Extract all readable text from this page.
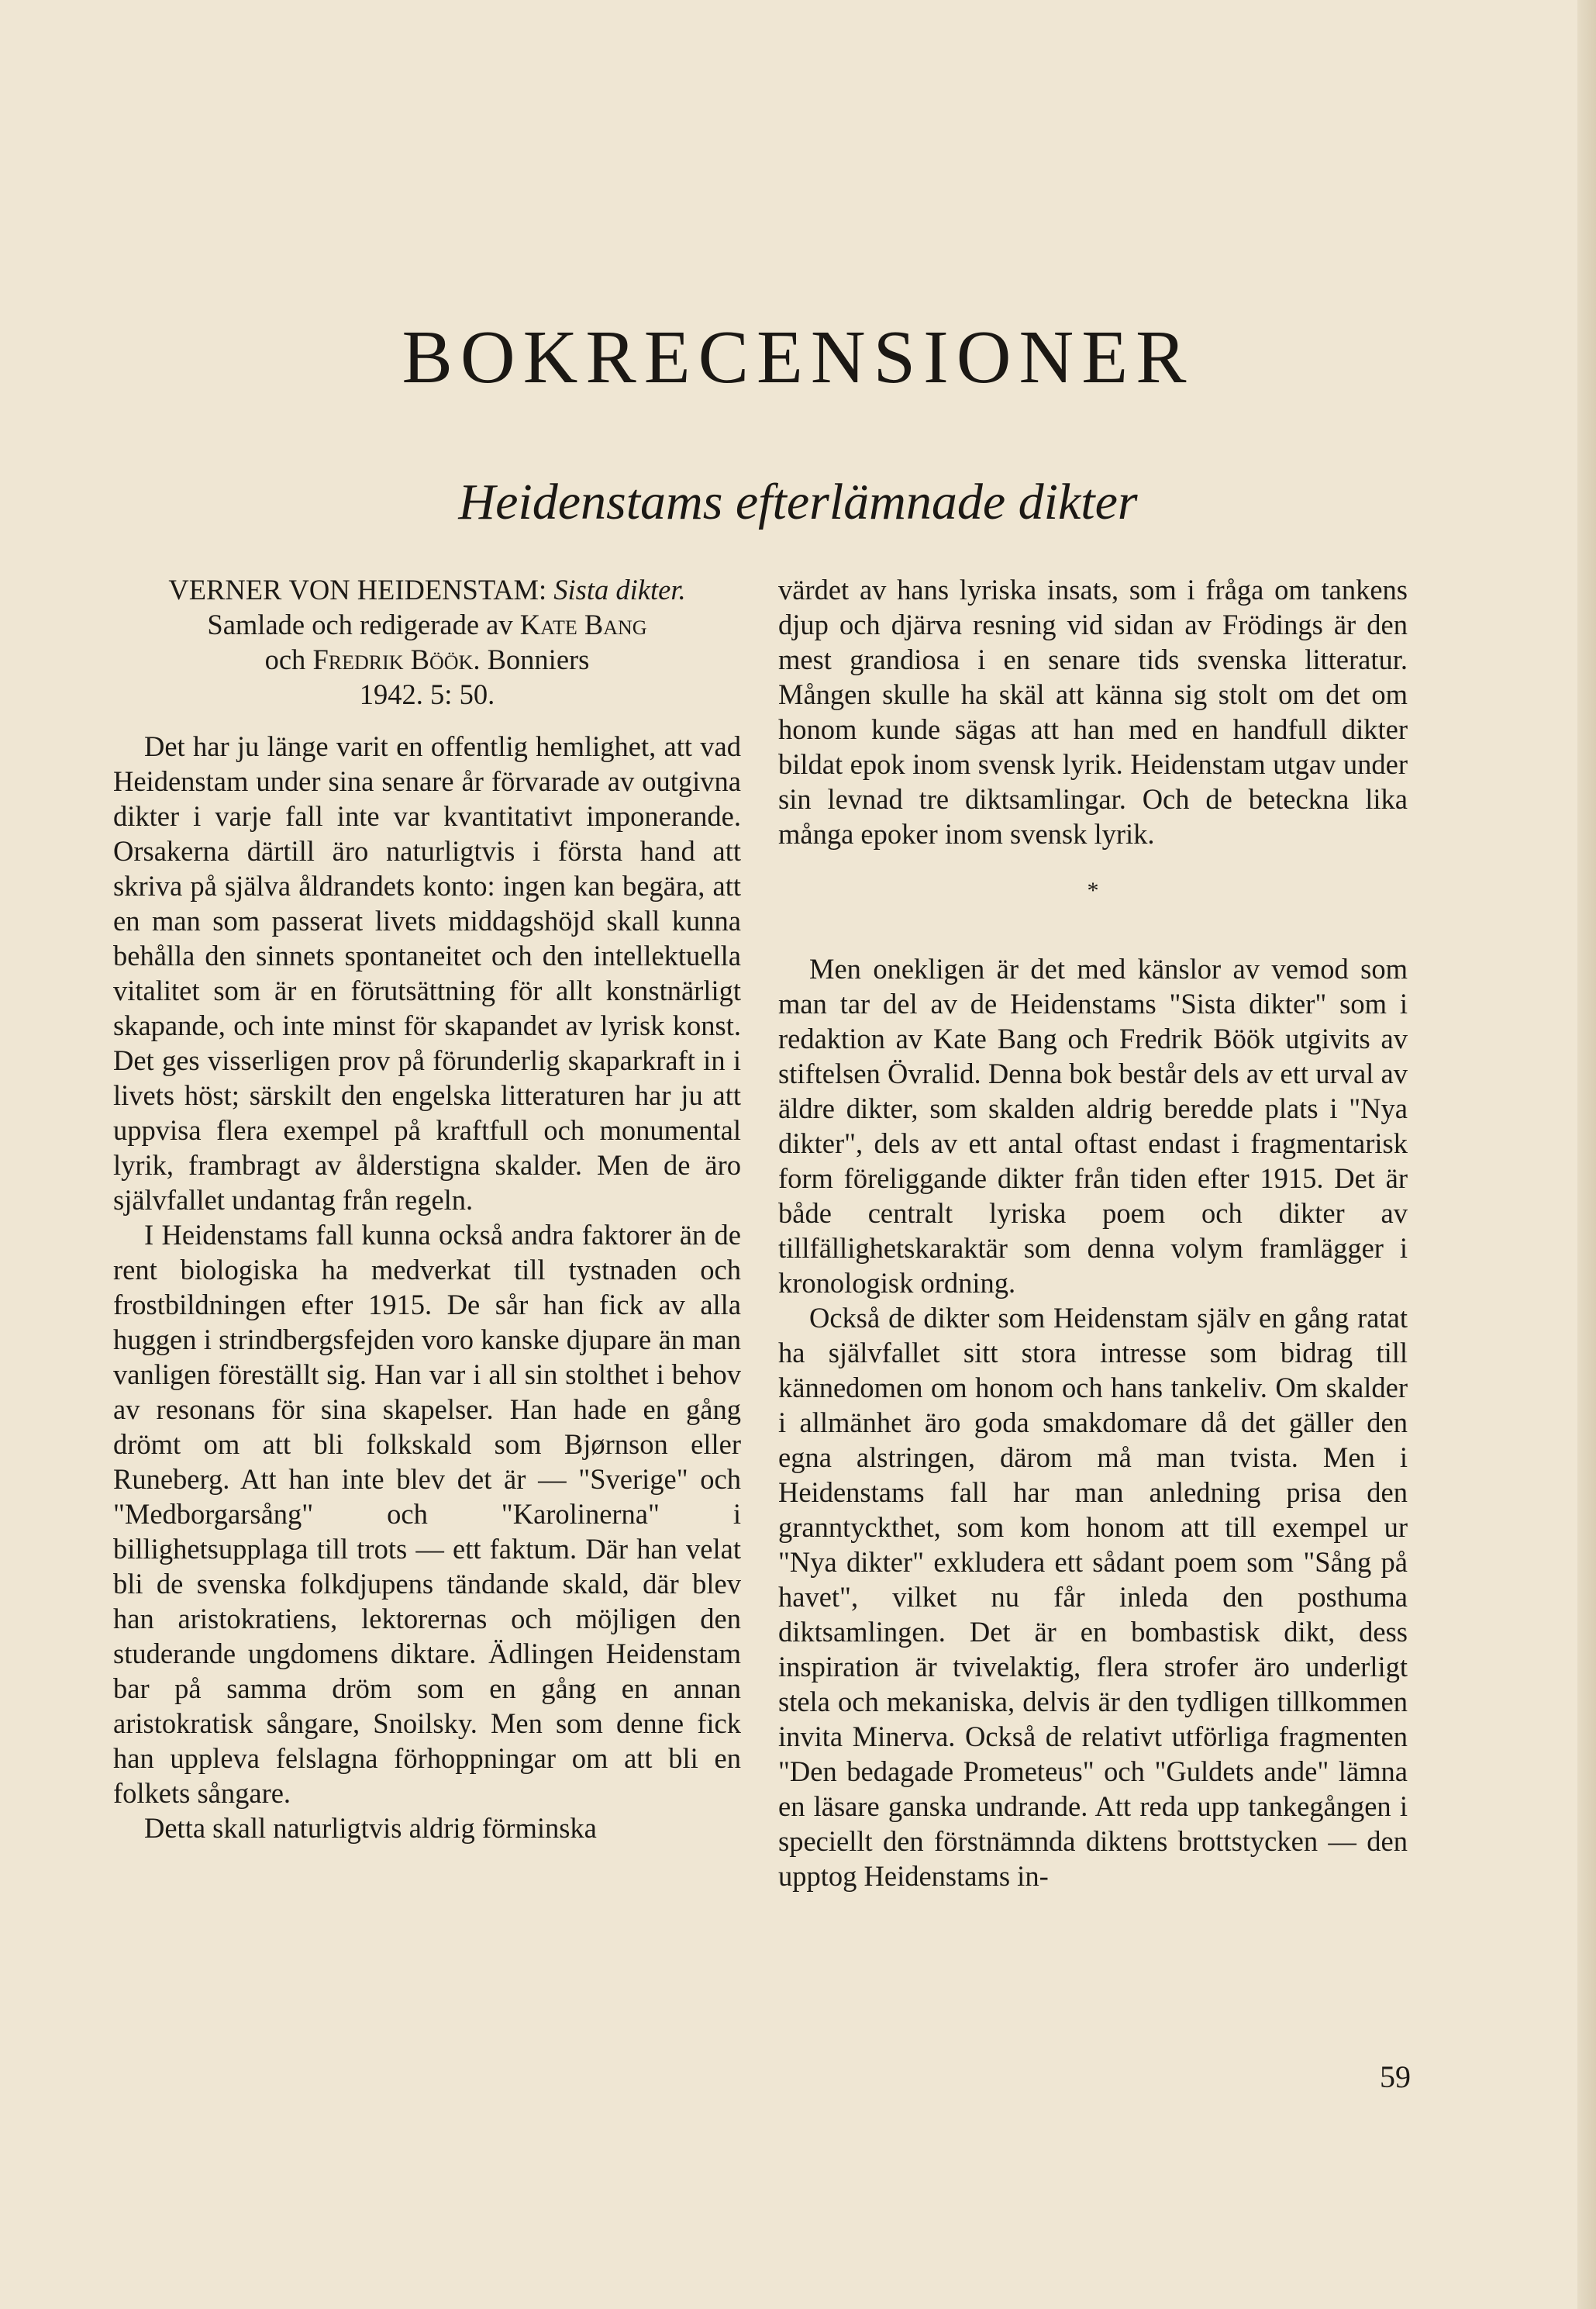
BOKRECENSIONER
Heidenstams efterlämnade dikter
VERNER VON HEIDENSTAM: Sista dikter.
Samlade och redigerade av Kate Bang
och Fredrik Böök. Bonniers
1942. 5: 50.

Det har ju länge varit en offentlig hemlighet, att vad Heidenstam under sina senare år förvarade av outgivna dikter i varje fall inte var kvantitativt imponerande. Orsakerna därtill äro naturligtvis i första hand att skriva på själva åldrandets konto: ingen kan begära, att en man som passerat livets middagshöjd skall kunna behålla den sinnets spontaneitet och den intellektuella vitalitet som är en förutsättning för allt konstnärligt skapande, och inte minst för skapandet av lyrisk konst. Det ges visserligen prov på förunderlig skaparkraft in i livets höst; särskilt den engelska litteraturen har ju att uppvisa flera exempel på kraftfull och monumental lyrik, frambragt av ålderstigna skalder. Men de äro självfallet undantag från regeln.

I Heidenstams fall kunna också andra faktorer än de rent biologiska ha medverkat till tystnaden och frostbildningen efter 1915. De sår han fick av alla huggen i strindbergsfejden voro kanske djupare än man vanligen föreställt sig. Han var i all sin stolthet i behov av resonans för sina skapelser. Han hade en gång drömt om att bli folkskald som Bjørnson eller Runeberg. Att han inte blev det är — "Sverige" och "Medborgarsång" och "Karolinerna" i billighetsupplaga till trots — ett faktum. Där han velat bli de svenska folkdjupens tändande skald, där blev han aristokratiens, lektorernas och möjligen den studerande ungdomens diktare. Ädlingen Heidenstam bar på samma dröm som en gång en annan aristokratisk sångare, Snoilsky. Men som denne fick han uppleva felslagna förhoppningar om att bli en folkets sångare.

Detta skall naturligtvis aldrig förminska

värdet av hans lyriska insats, som i fråga om tankens djup och djärva resning vid sidan av Frödings är den mest grandiosa i en senare tids svenska litteratur. Mången skulle ha skäl att känna sig stolt om det om honom kunde sägas att han med en handfull dikter bildat epok inom svensk lyrik. Heidenstam utgav under sin levnad tre diktsamlingar. Och de beteckna lika många epoker inom svensk lyrik.

*

Men onekligen är det med känslor av vemod som man tar del av de Heidenstams "Sista dikter" som i redaktion av Kate Bang och Fredrik Böök utgivits av stiftelsen Övralid. Denna bok består dels av ett urval av äldre dikter, som skalden aldrig beredde plats i "Nya dikter", dels av ett antal oftast endast i fragmentarisk form föreliggande dikter från tiden efter 1915. Det är både centralt lyriska poem och dikter av tillfällighetskaraktär som denna volym framlägger i kronologisk ordning.

Också de dikter som Heidenstam själv en gång ratat ha självfallet sitt stora intresse som bidrag till kännedomen om honom och hans tankeliv. Om skalder i allmänhet äro goda smakdomare då det gäller den egna alstringen, därom må man tvista. Men i Heidenstams fall har man anledning prisa den granntyckthet, som kom honom att till exempel ur "Nya dikter" exkludera ett sådant poem som "Sång på havet", vilket nu får inleda den posthuma diktsamlingen. Det är en bombastisk dikt, dess inspiration är tvivelaktig, flera strofer äro underligt stela och mekaniska, delvis är den tydligen tillkommen invita Minerva. Också de relativt utförliga fragmenten "Den bedagade Prometeus" och "Guldets ande" lämna en läsare ganska undrande. Att reda upp tankegången i speciellt den förstnämnda diktens brottstycken — den upptog Heidenstams in-

59
